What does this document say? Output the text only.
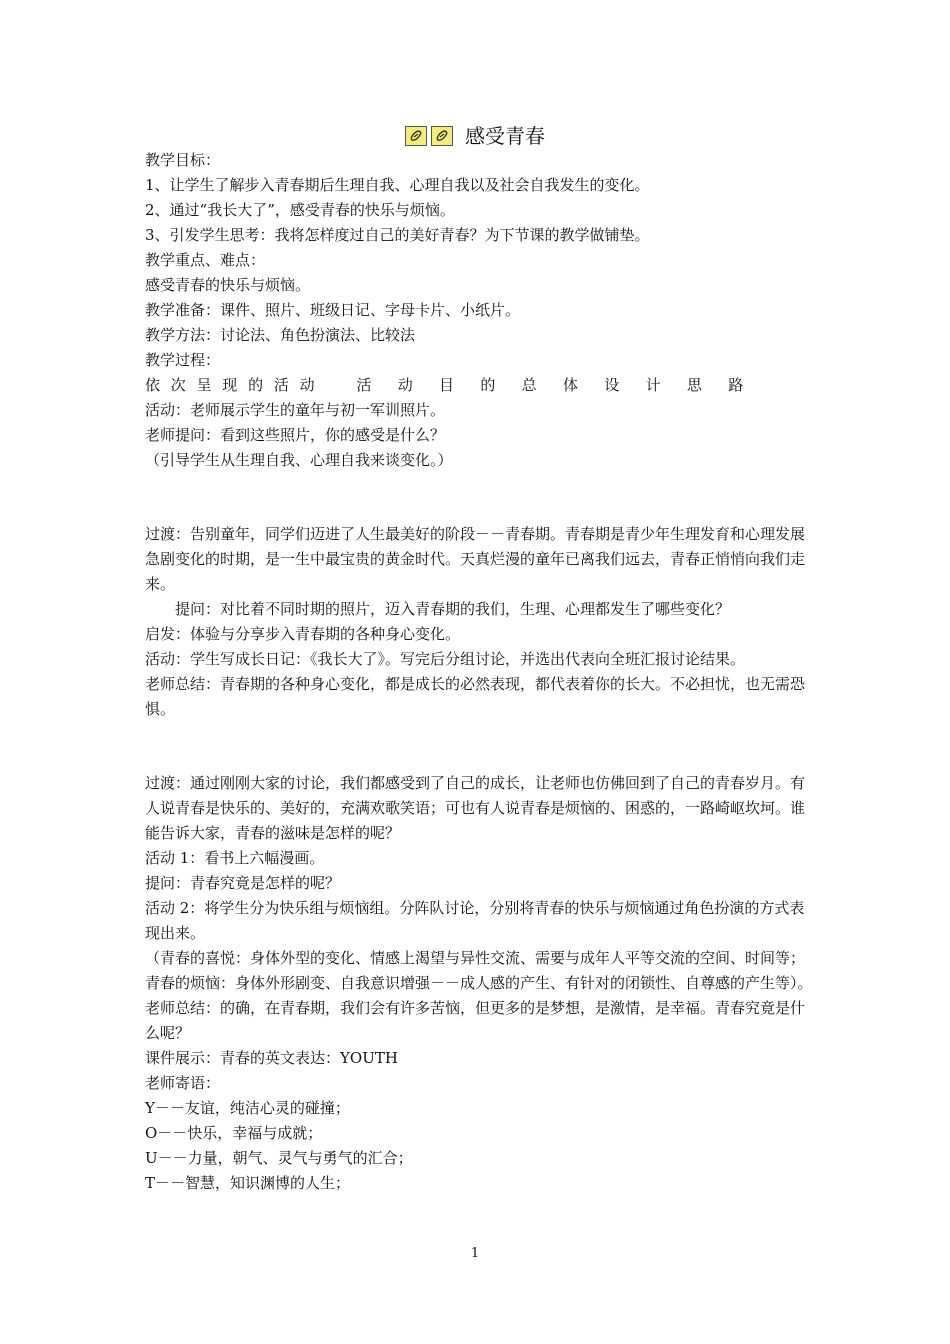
感受青春

教学目标：

1、让学生了解步入青春期后生理自我、心理自我以及社会自我发生的变化。

2、通过“我长大了”，感受青春的快乐与烦恼。

3、引发学生思考：我将怎样度过自己的美好青春？为下节课的教学做铺垫。

教学重点、难点：

感受青春的快乐与烦恼。

教学准备：课件、照片、班级日记、字母卡片、小纸片。

教学方法：讨论法、角色扮演法、比较法

教学过程：

依 次 呈 现 的 活 动     活   动   目   的   总   体   设   计   思   路

活动：老师展示学生的童年与初一军训照片。

老师提问：看到这些照片，你的感受是什么？

（引导学生从生理自我、心理自我来谈变化。）

过渡：告别童年，同学们迈进了人生最美好的阶段－－青春期。青春期是青少年生理发育和心理发展急剧变化的时期，是一生中最宝贵的黄金时代。天真烂漫的童年已离我们远去，青春正悄悄向我们走来。

提问：对比着不同时期的照片，迈入青春期的我们，生理、心理都发生了哪些变化？

启发：体验与分享步入青春期的各种身心变化。

活动：学生写成长日记：《我长大了》。写完后分组讨论，并选出代表向全班汇报讨论结果。

老师总结：青春期的各种身心变化，都是成长的必然表现，都代表着你的长大。不必担忧，也无需恐惧。

过渡：通过刚刚大家的讨论，我们都感受到了自己的成长，让老师也仿佛回到了自己的青春岁月。有人说青春是快乐的、美好的，充满欢歌笑语；可也有人说青春是烦恼的、困惑的，一路崎岖坎坷。谁能告诉大家，青春的滋味是怎样的呢？

活动 1：看书上六幅漫画。

提问：青春究竟是怎样的呢？

活动 2：将学生分为快乐组与烦恼组。分阵队讨论，分别将青春的快乐与烦恼通过角色扮演的方式表现出来。

（青春的喜悦：身体外型的变化、情感上渴望与异性交流、需要与成年人平等交流的空间、时间等；青春的烦恼：身体外形剧变、自我意识增强－－成人感的产生、有针对的闭锁性、自尊感的产生等）。

老师总结：的确，在青春期，我们会有许多苦恼，但更多的是梦想，是激情，是幸福。青春究竟是什么呢？

课件展示：青春的英文表达：YOUTH

老师寄语：

Y－－友谊，纯洁心灵的碰撞；

O－－快乐，幸福与成就；

U－－力量，朝气、灵气与勇气的汇合；

T－－智慧，知识渊博的人生；

1
